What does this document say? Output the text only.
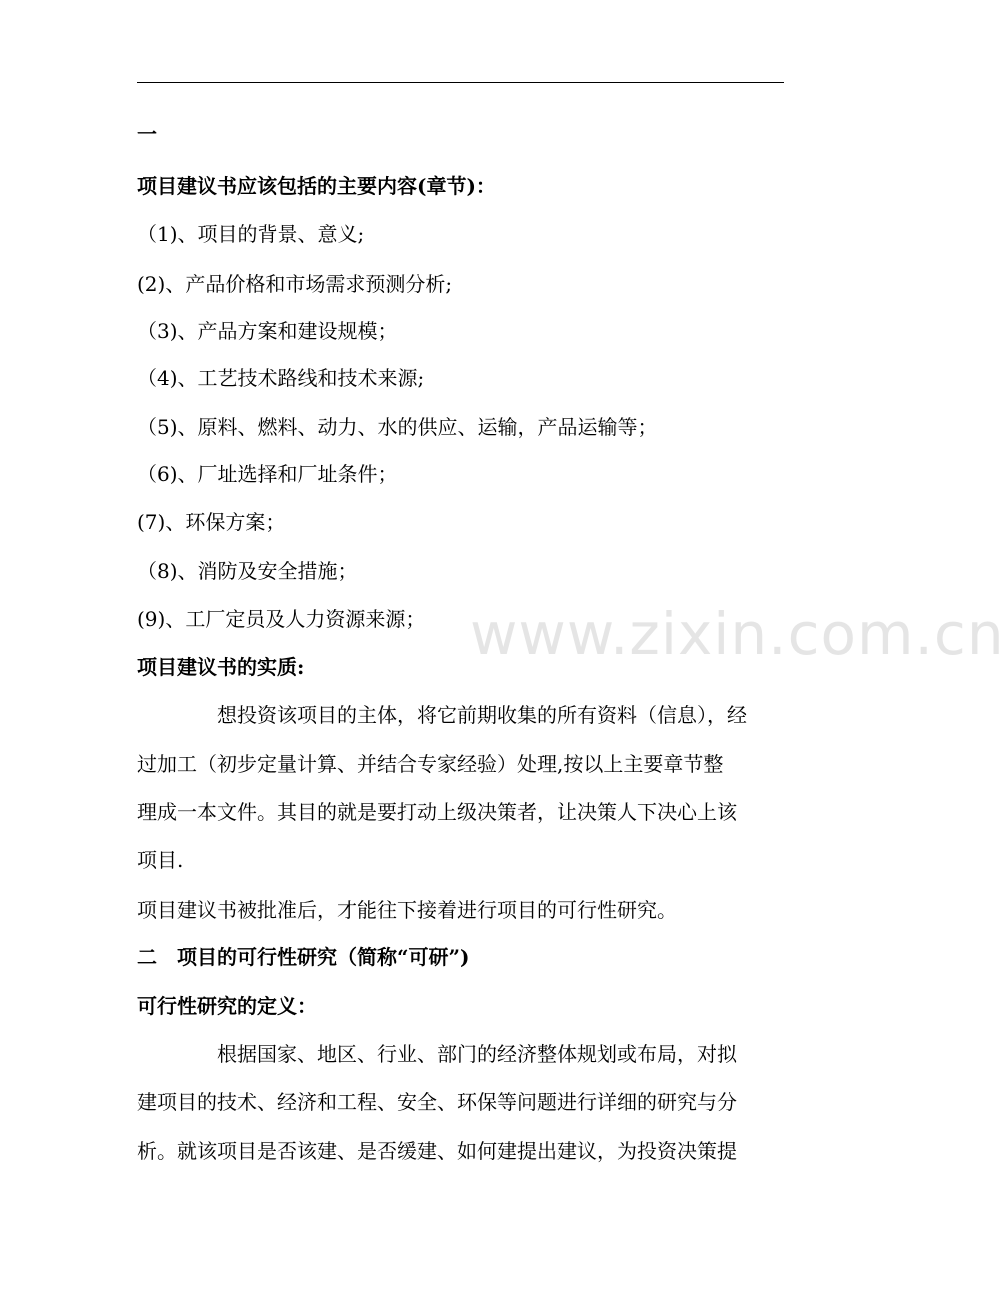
一
项目建议书应该包括的主要内容(章节)：
（1)、项目的背景、意义;
(2)、产品价格和市场需求预测分析;
（3)、产品方案和建设规模；
（4)、工艺技术路线和技术来源;
（5)、原料、燃料、动力、水的供应、运输，产品运输等；
（6)、厂址选择和厂址条件；
(7)、环保方案；
（8)、消防及安全措施；
(9)、工厂定员及人力资源来源；
项目建议书的实质:
想投资该项目的主体，将它前期收集的所有资料（信息），经
过加工（初步定量计算、并结合专家经验）处理,按以上主要章节整
理成一本文件。其目的就是要打动上级决策者，让决策人下决心上该
项目.
项目建议书被批准后，才能往下接着进行项目的可行性研究。
二　项目的可行性研究（简称“可研”)
可行性研究的定义：
根据国家、地区、行业、部门的经济整体规划或布局，对拟
建项目的技术、经济和工程、安全、环保等问题进行详细的研究与分
析。就该项目是否该建、是否缓建、如何建提出建议，为投资决策提
www.zixin.com.cn
